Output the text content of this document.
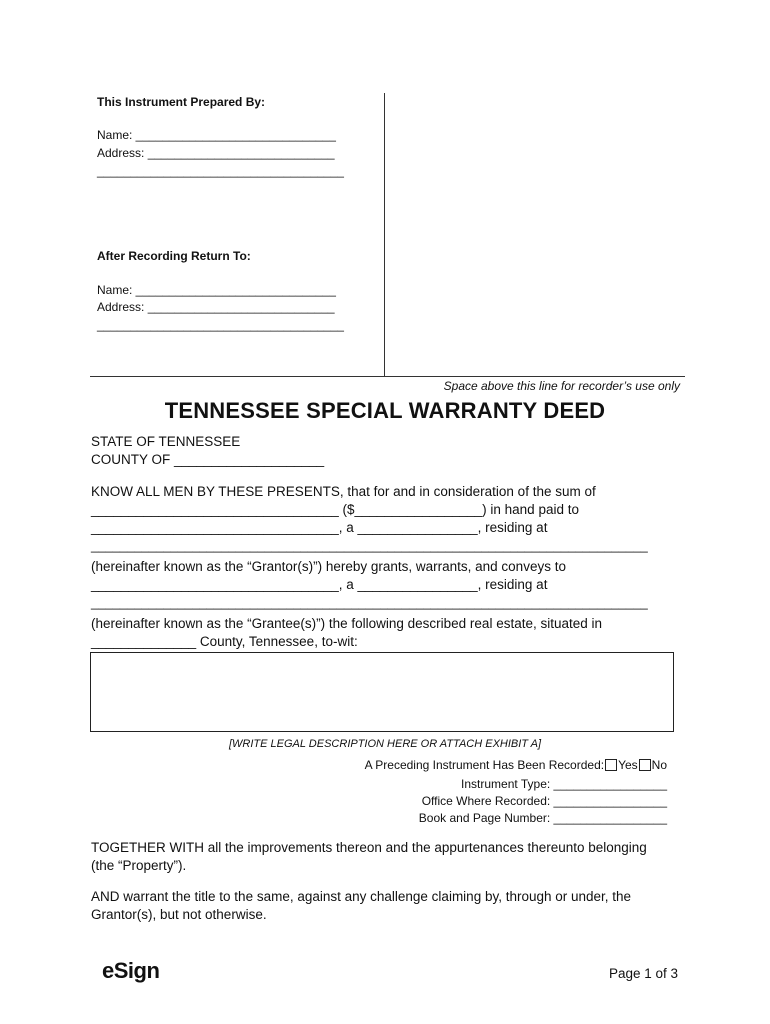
This Instrument Prepared By:
Name: ______________________________
Address: ____________________________
_____________________________________
After Recording Return To:
Name: ______________________________
Address: ____________________________
_____________________________________
Space above this line for recorder’s use only
TENNESSEE SPECIAL WARRANTY DEED
STATE OF TENNESSEE
COUNTY OF ____________________
KNOW ALL MEN BY THESE PRESENTS, that for and in consideration of the sum of
_________________________________ ($_________________) in hand paid to
_________________________________, a ________________, residing at
_____________________________________________________________________________
(hereinafter known as the “Grantor(s)”) hereby grants, warrants, and conveys to
_________________________________, a ________________, residing at
_____________________________________________________________________________
(hereinafter known as the “Grantee(s)”) the following described real estate, situated in
______________ County, Tennessee, to-wit:
[WRITE LEGAL DESCRIPTION HERE OR ATTACH EXHIBIT A]
A Preceding Instrument Has Been Recorded: Yes No
Instrument Type: _________________
Office Where Recorded: _________________
Book and Page Number: _________________
TOGETHER WITH all the improvements thereon and the appurtenances thereunto belonging
(the “Property”).
AND warrant the title to the same, against any challenge claiming by, through or under, the
Grantor(s), but not otherwise.
eSign	Page 1 of 3
